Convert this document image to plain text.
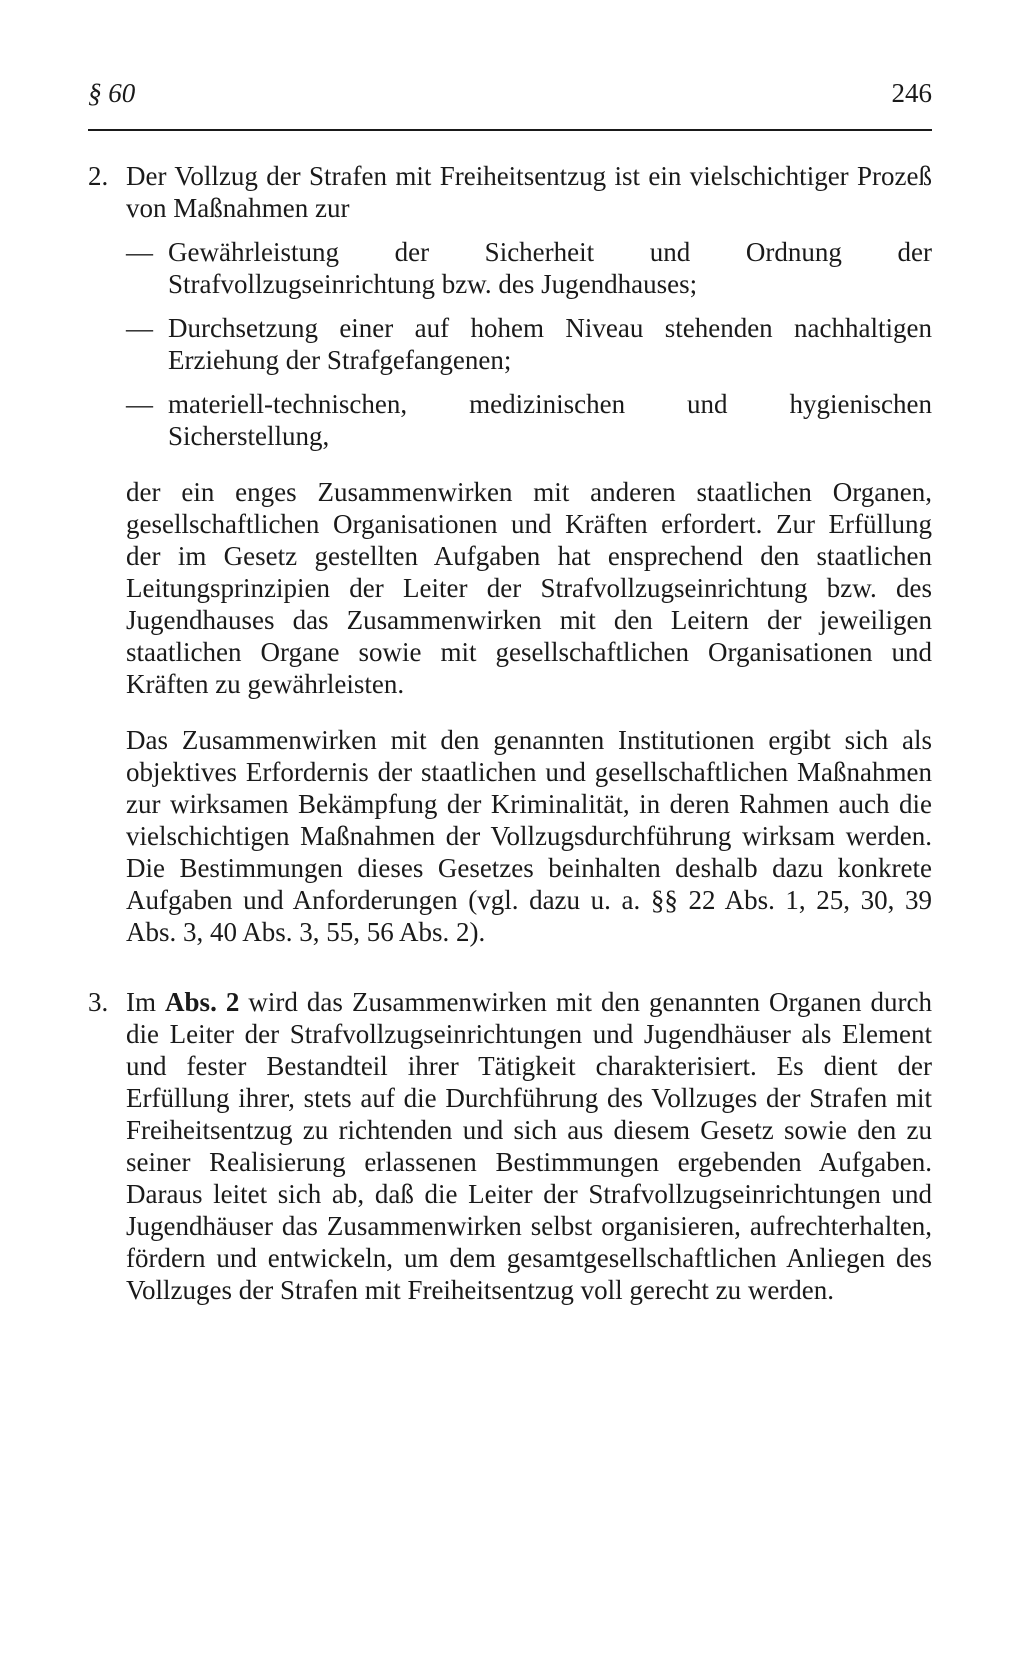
§ 60	246
2. Der Vollzug der Strafen mit Freiheitsentzug ist ein vielschichtiger Prozeß von Maßnahmen zur
— Gewährleistung der Sicherheit und Ordnung der Strafvollzugseinrichtung bzw. des Jugendhauses;
— Durchsetzung einer auf hohem Niveau stehenden nachhaltigen Erziehung der Strafgefangenen;
— materiell-technischen, medizinischen und hygienischen Sicherstellung,

der ein enges Zusammenwirken mit anderen staatlichen Organen, gesellschaftlichen Organisationen und Kräften erfordert. Zur Erfüllung der im Gesetz gestellten Aufgaben hat ensprechend den staatlichen Leitungsprinzipien der Leiter der Strafvollzugseinrichtung bzw. des Jugendhauses das Zusammenwirken mit den Leitern der jeweiligen staatlichen Organe sowie mit gesellschaftlichen Organisationen und Kräften zu gewährleisten.

Das Zusammenwirken mit den genannten Institutionen ergibt sich als objektives Erfordernis der staatlichen und gesellschaftlichen Maßnahmen zur wirksamen Bekämpfung der Kriminalität, in deren Rahmen auch die vielschichtigen Maßnahmen der Vollzugsdurchführung wirksam werden. Die Bestimmungen dieses Gesetzes beinhalten deshalb dazu konkrete Aufgaben und Anforderungen (vgl. dazu u. a. §§ 22 Abs. 1, 25, 30, 39 Abs. 3, 40 Abs. 3, 55, 56 Abs. 2).

3. Im Abs. 2 wird das Zusammenwirken mit den genannten Organen durch die Leiter der Strafvollzugseinrichtungen und Jugendhäuser als Element und fester Bestandteil ihrer Tätigkeit charakterisiert. Es dient der Erfüllung ihrer, stets auf die Durchführung des Vollzuges der Strafen mit Freiheitsentzug zu richtenden und sich aus diesem Gesetz sowie den zu seiner Realisierung erlassenen Bestimmungen ergebenden Aufgaben. Daraus leitet sich ab, daß die Leiter der Strafvollzugseinrichtungen und Jugendhäuser das Zusammenwirken selbst organisieren, aufrechterhalten, fördern und entwickeln, um dem gesamtgesellschaftlichen Anliegen des Vollzuges der Strafen mit Freiheitsentzug voll gerecht zu werden.
